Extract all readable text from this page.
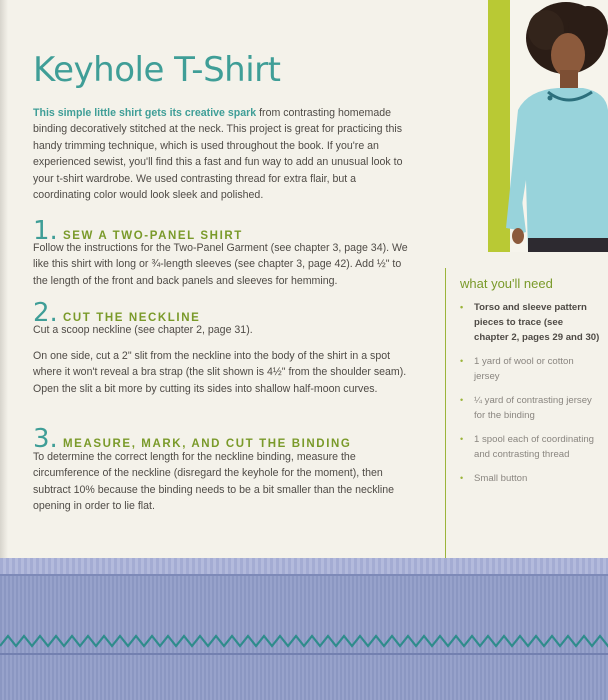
Keyhole T-Shirt

This simple little shirt gets its creative spark from contrasting homemade binding decoratively stitched at the neck. This project is great for practicing this handy trimming technique, which is used throughout the book. If you're an experienced sewist, you'll find this a fast and fun way to add an unusual look to your t-shirt wardrobe. We used contrasting thread for extra flair, but a coordinating color would look sleek and polished.

1. SEW A TWO-PANEL SHIRT

Follow the instructions for the Two-Panel Garment (see chapter 3, page 34). We like this shirt with long or ¾-length sleeves (see chapter 3, page 42). Add ½" to the length of the front and back panels and sleeves for hemming.

2. CUT THE NECKLINE

Cut a scoop neckline (see chapter 2, page 31).

On one side, cut a 2" slit from the neckline into the body of the shirt in a spot where it won't reveal a bra strap (the slit shown is 4½" from the shoulder seam). Open the slit a bit more by cutting its sides into shallow half-moon curves.

3. MEASURE, MARK, AND CUT THE BINDING

To determine the correct length for the neckline binding, measure the circumference of the neckline (disregard the keyhole for the moment), then subtract 10% because the binding needs to be a bit smaller than the neckline opening in order to lie flat.

what you'll need
• Torso and sleeve pattern pieces to trace (see chapter 2, pages 29 and 30)
• 1 yard of wool or cotton jersey
• ¼ yard of contrasting jersey for the binding
• 1 spool each of coordinating and contrasting thread
• Small button
